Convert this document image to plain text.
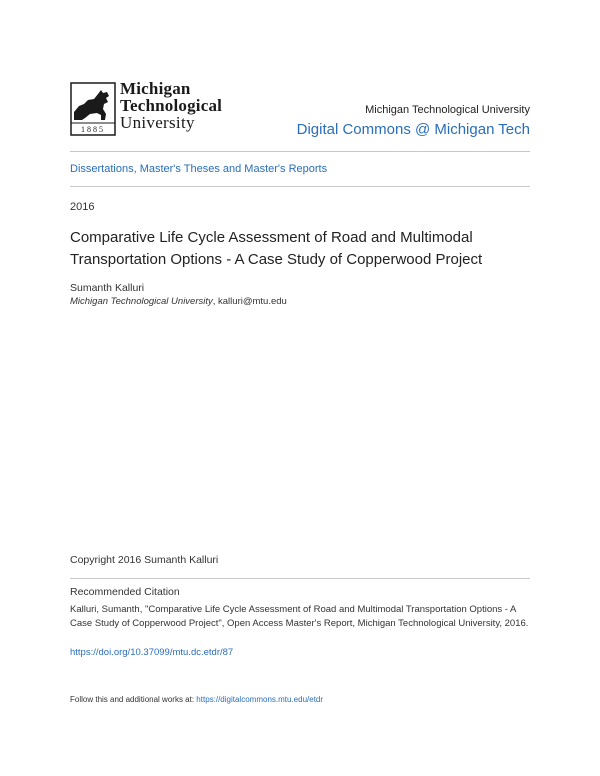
1885
Michigan
Technological
University
Michigan Technological University
Digital Commons @ Michigan Tech
Dissertations, Master's Theses and Master's Reports
2016
Comparative Life Cycle Assessment of Road and Multimodal Transportation Options - A Case Study of Copperwood Project
Sumanth Kalluri
Michigan Technological University, kalluri@mtu.edu
Copyright 2016 Sumanth Kalluri
Recommended Citation
Kalluri, Sumanth, "Comparative Life Cycle Assessment of Road and Multimodal Transportation Options - A Case Study of Copperwood Project", Open Access Master's Report, Michigan Technological University, 2016.
https://doi.org/10.37099/mtu.dc.etdr/87
Follow this and additional works at: https://digitalcommons.mtu.edu/etdr
